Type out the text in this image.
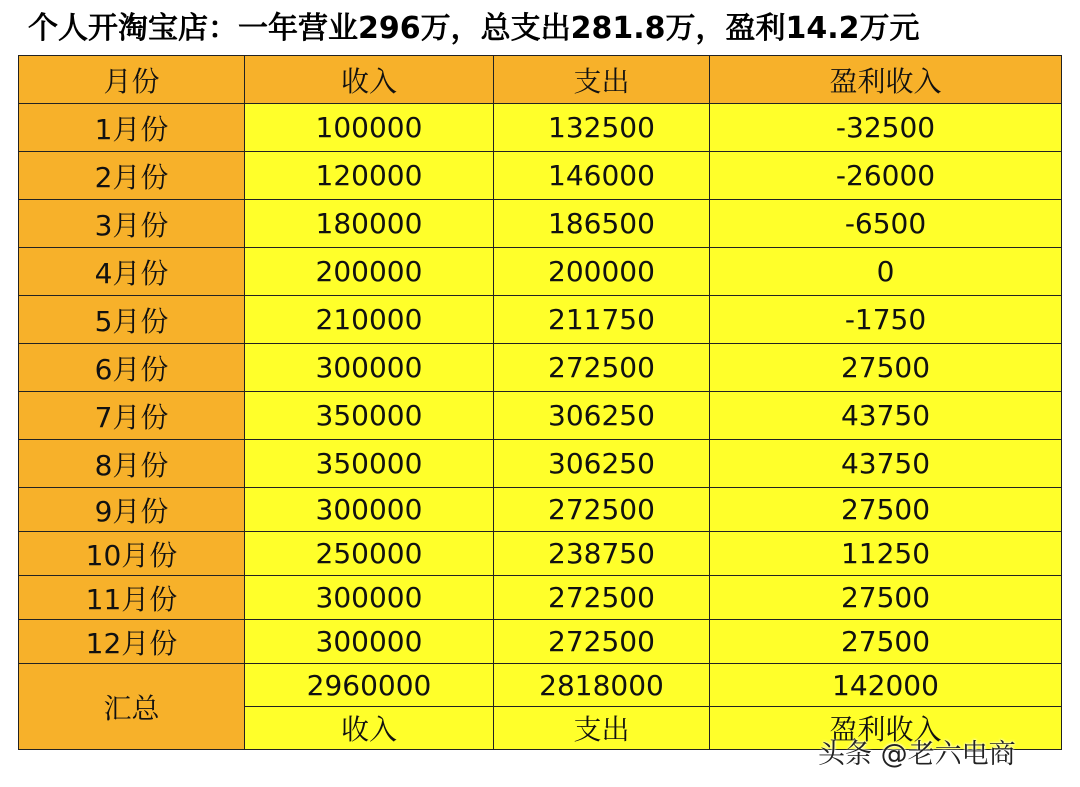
个人开淘宝店：一年营业296万，总支出281.8万，盈利14.2万元
月份	收入	支出	盈利收入
1月份	100000	132500	-32500
2月份	120000	146000	-26000
3月份	180000	186500	-6500
4月份	200000	200000	0
5月份	210000	211750	-1750
6月份	300000	272500	27500
7月份	350000	306250	43750
8月份	350000	306250	43750
9月份	300000	272500	27500
10月份	250000	238750	11250
11月份	300000	272500	27500
12月份	300000	272500	27500
汇总	2960000	2818000	142000
	收入	支出	盈利收入
头条 @老六电商
